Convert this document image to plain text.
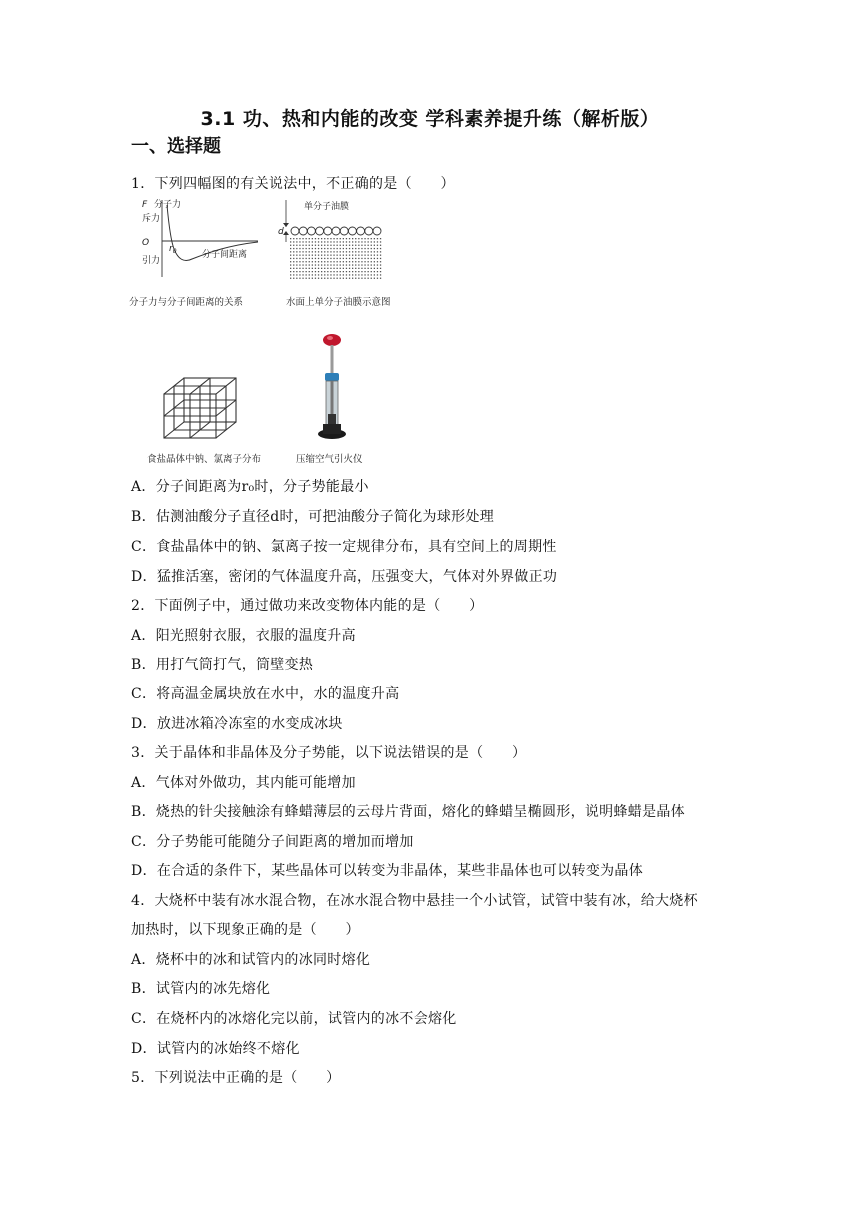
3.1 功、热和内能的改变 学科素养提升练（解析版）
一、选择题
1．下列四幅图的有关说法中，不正确的是（　　）
F 分子力
斥力
O
引力
$r_0$	分子间距离
分子力与分子间距离的关系
单分子油膜
d
水面上单分子油膜示意图
食盐晶体中钠、氯离子分布	压缩空气引火仪
A．分子间距离为r₀时，分子势能最小
B．估测油酸分子直径d时，可把油酸分子简化为球形处理
C．食盐晶体中的钠、氯离子按一定规律分布，具有空间上的周期性
D．猛推活塞，密闭的气体温度升高，压强变大，气体对外界做正功
2．下面例子中，通过做功来改变物体内能的是（　　）
A．阳光照射衣服，衣服的温度升高
B．用打气筒打气，筒壁变热
C．将高温金属块放在水中，水的温度升高
D．放进冰箱冷冻室的水变成冰块
3．关于晶体和非晶体及分子势能，以下说法错误的是（　　）
A．气体对外做功，其内能可能增加
B．烧热的针尖接触涂有蜂蜡薄层的云母片背面，熔化的蜂蜡呈椭圆形，说明蜂蜡是晶体
C．分子势能可能随分子间距离的增加而增加
D．在合适的条件下，某些晶体可以转变为非晶体，某些非晶体也可以转变为晶体
4．大烧杯中装有冰水混合物，在冰水混合物中悬挂一个小试管，试管中装有冰，给大烧杯
加热时，以下现象正确的是（　　）
A．烧杯中的冰和试管内的冰同时熔化
B．试管内的冰先熔化
C．在烧杯内的冰熔化完以前，试管内的冰不会熔化
D．试管内的冰始终不熔化
5．下列说法中正确的是（　　）
